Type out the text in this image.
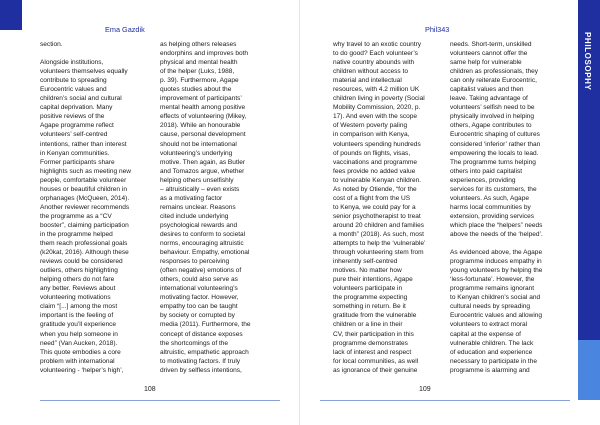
Ema Gazdik
section.

Alongside institutions,
volunteers themselves equally
contribute to spreading
Eurocentric values and
children’s social and cultural
capital deprivation. Many
positive reviews of the
Agape programme reflect
volunteers’ self-centred
intentions, rather than interest
in Kenyan communities.
Former participants share
highlights such as meeting new
people, comfortable volunteer
houses or beautiful children in
orphanages (McQueen, 2014).
Another reviewer recommends
the programme as a “CV
booster”, claiming participation
in the programme helped
them reach professional goals
(k20kat, 2016). Although these
reviews could be considered
outliers, others highlighting
helping others do not fare
any better. Reviews about
volunteering motivations
claim “[...] among the most
important is the feeling of
gratitude you’ll experience
when you help someone in
need” (Van Aucken, 2018).
This quote embodies a core
problem with international
volunteering - ‘helper’s high’,
as helping others releases
endorphins and improves both
physical and mental health
of the helper (Luks, 1988,
p. 39). Furthermore, Agape
quotes studies about the
improvement of participants’
mental health among positive
effects of volunteering (Mikey,
2018). While an honourable
cause, personal development
should not be international
volunteering’s underlying
motive. Then again, as Butler
and Tomazos argue, whether
helping others unselfishly
– altruistically – even exists
as a motivating factor
remains unclear. Reasons
cited include underlying
psychological rewards and
desires to conform to societal
norms, encouraging altruistic
behaviour. Empathy, emotional
responses to perceiving
(often negative) emotions of
others, could also serve as
international volunteering’s
motivating factor. However,
empathy too can be taught
by society or corrupted by
media (2011). Furthermore, the
concept of distance exposes
the shortcomings of the
altruistic, empathetic approach
to motivating factors. If truly
driven by selfless intentions,
108
Phil343
why travel to an exotic country
to do good? Each volunteer’s
native country abounds with
children without access to
material and intellectual
resources, with 4.2 million UK
children living in poverty (Social
Mobility Commission, 2020, p.
17). And even with the scope
of Western poverty paling
in comparison with Kenya,
volunteers spending hundreds
of pounds on flights, visas,
vaccinations and programme
fees provide no added value
to vulnerable Kenyan children.
As noted by Otiende, “for the
cost of a flight from the US
to Kenya, we could pay for a
senior psychotherapist to treat
around 20 children and families
a month” (2018). As such, most
attempts to help the ‘vulnerable’
through volunteering stem from
inherently self-centred
motives. No matter how
pure their intentions, Agape
volunteers participate in
the programme expecting
something in return. Be it
gratitude from the vulnerable
children or a line in their
CV, their participation in this
programme demonstrates
lack of interest and respect
for local communities, as well
as ignorance of their genuine
needs. Short-term, unskilled
volunteers cannot offer the
same help for vulnerable
children as professionals, they
can only reiterate Eurocentric,
capitalist values and then
leave. Taking advantage of
volunteers’ selfish need to be
physically involved in helping
others, Agape contributes to
Eurocentric shaping of cultures
considered ‘inferior’ rather than
empowering the locals to lead.
The programme turns helping
others into paid capitalist
experiences, providing
services for its customers, the
volunteers. As such, Agape
harms local communities by
extension, providing services
which place the “helpers” needs
above the needs of the ‘helped’.

As evidenced above, the Agape
programme induces empathy in
young volunteers by helping the
‘less-fortunate’. However, the
programme remains ignorant
to Kenyan children’s social and
cultural needs by spreading
Eurocentric values and allowing
volunteers to extract moral
capital at the expense of
vulnerable children. The lack
of education and experience
necessary to participate in the
programme is alarming and
109
PHILOSOPHY
